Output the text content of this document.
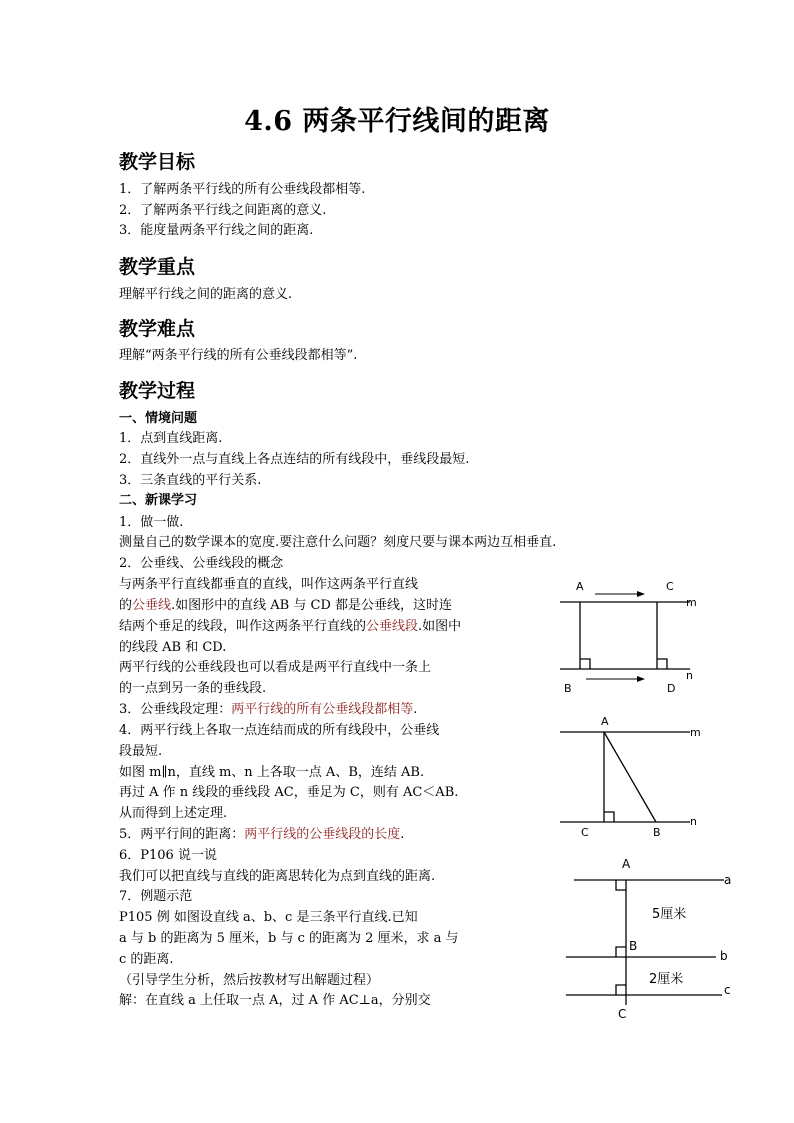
4.6 两条平行线间的距离
教学目标
1．了解两条平行线的所有公垂线段都相等.
2．了解两条平行线之间距离的意义.
3．能度量两条平行线之间的距离.
教学重点
理解平行线之间的距离的意义.
教学难点
理解“两条平行线的所有公垂线段都相等”.
教学过程
一、情境问题
1．点到直线距离.
2．直线外一点与直线上各点连结的所有线段中，垂线段最短.
3．三条直线的平行关系.
二、新课学习
1．做一做.
测量自己的数学课本的宽度.要注意什么问题？刻度尺要与课本两边互相垂直.
2．公垂线、公垂线段的概念
与两条平行直线都垂直的直线，叫作这两条平行直线
的公垂线.如图形中的直线 AB 与 CD 都是公垂线，这时连
结两个垂足的线段，叫作这两条平行直线的公垂线段.如图中
的线段 AB 和 CD.
两平行线的公垂线段也可以看成是两平行直线中一条上
的一点到另一条的垂线段.
3．公垂线段定理：两平行线的所有公垂线段都相等.
4．两平行线上各取一点连结而成的所有线段中，公垂线
段最短.
如图 m∥n，直线 m、n 上各取一点 A、B，连结 AB.
再过 A 作 n 线段的垂线段 AC，垂足为 C，则有 AC＜AB.
从而得到上述定理.
5．两平行间的距离：两平行线的公垂线段的长度.
6．P106 说一说
我们可以把直线与直线的距离思转化为点到直线的距离.
7．例题示范
P105 例 如图设直线 a、b、c 是三条平行直线.已知
a 与 b 的距离为 5 厘米，b 与 c 的距离为 2 厘米，求 a 与
c 的距离.
（引导学生分析，然后按教材写出解题过程）
解：在直线 a 上任取一点 A，过 A 作 AC⊥a，分别交
A	C
m
n
B	D
A
m
C	B
n
A
a
5厘米
B
b
2厘米
c
C
